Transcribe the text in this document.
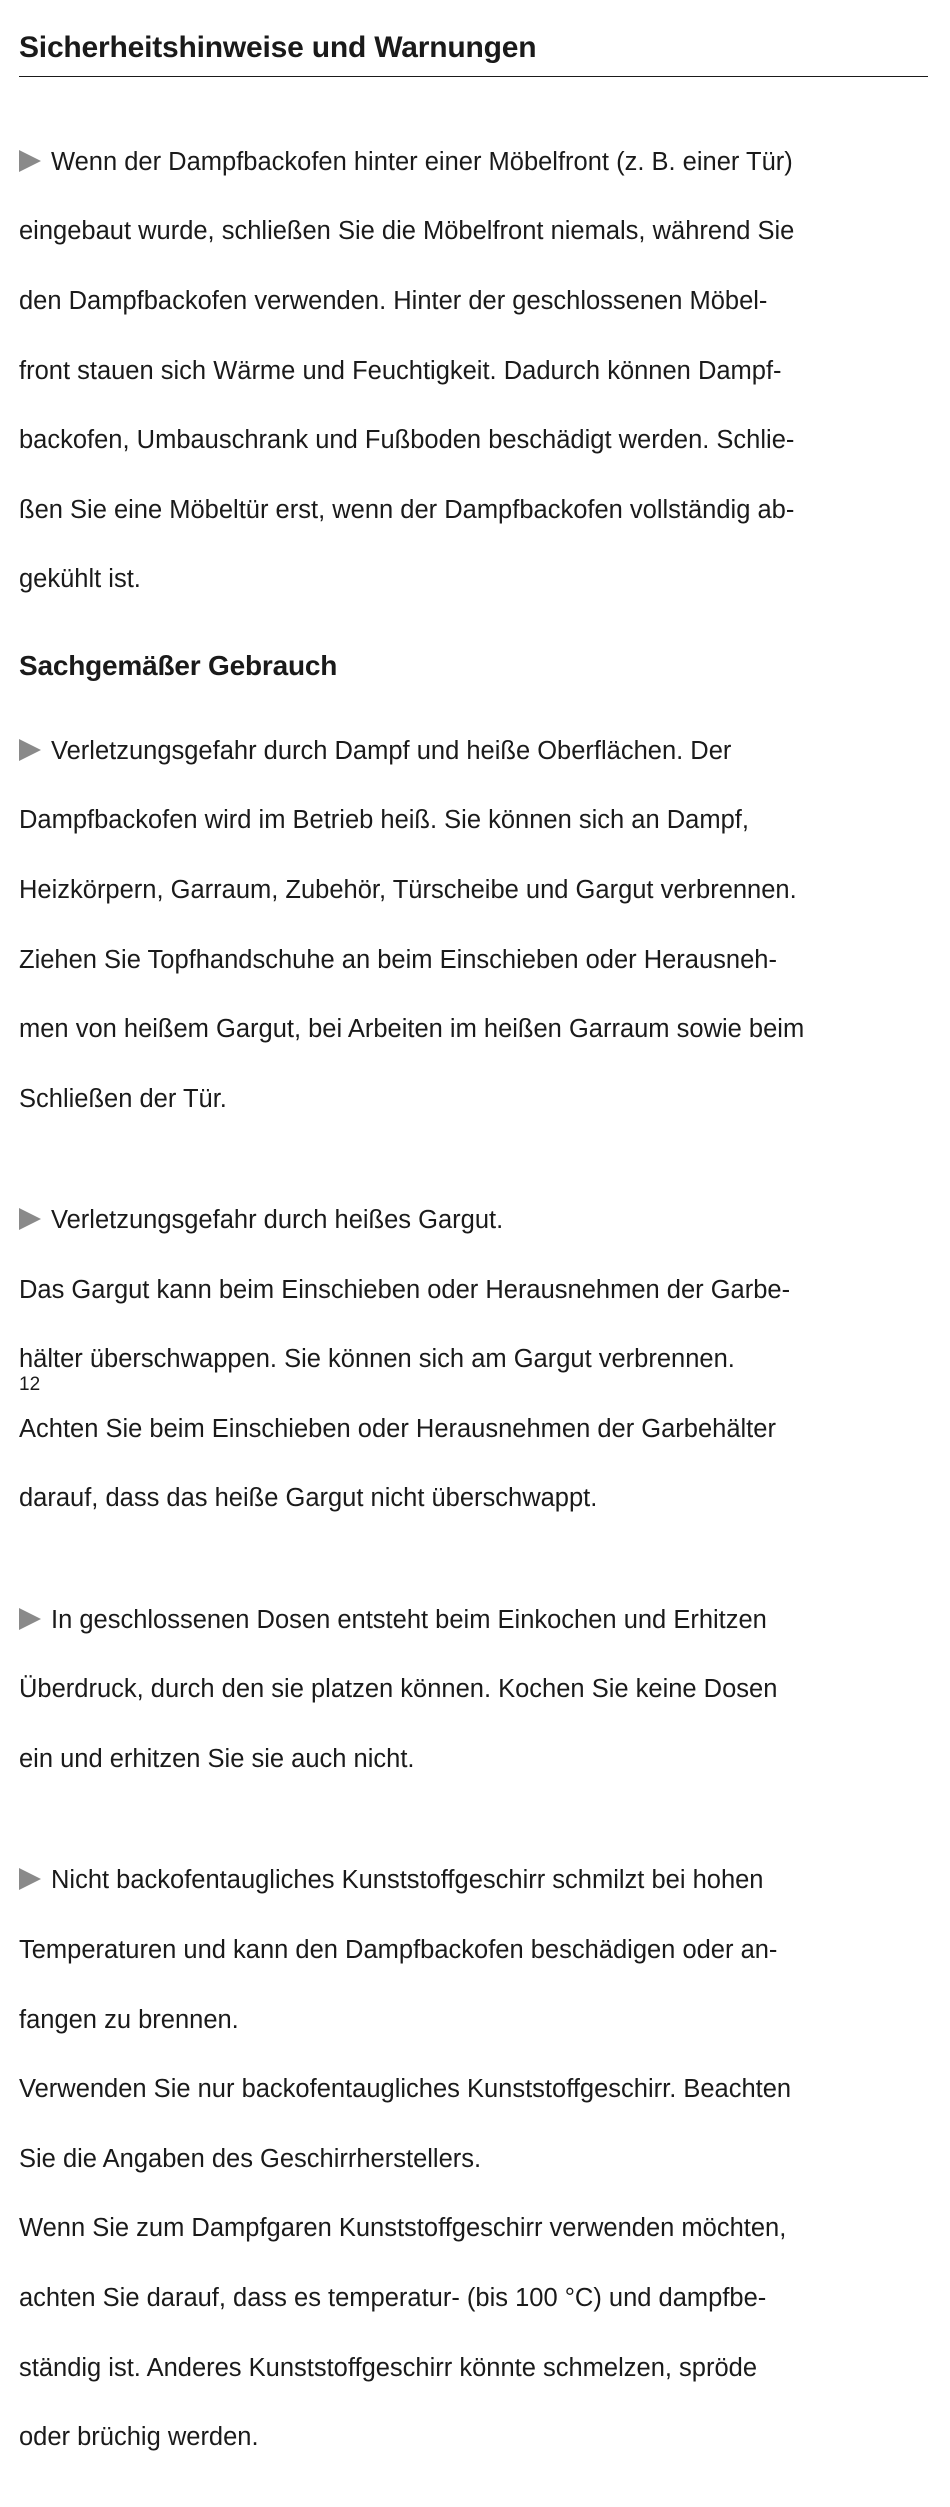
Sicherheitshinweise und Warnungen

Wenn der Dampfbackofen hinter einer Möbelfront (z. B. einer Tür)

eingebaut wurde, schließen Sie die Möbelfront niemals, während Sie

den Dampfbackofen verwenden. Hinter der geschlossenen Möbel-

front stauen sich Wärme und Feuchtigkeit. Dadurch können Dampf-

backofen, Umbauschrank und Fußboden beschädigt werden. Schlie-

ßen Sie eine Möbeltür erst, wenn der Dampfbackofen vollständig ab-

gekühlt ist.

Sachgemäßer Gebrauch

Verletzungsgefahr durch Dampf und heiße Oberflächen. Der

Dampfbackofen wird im Betrieb heiß. Sie können sich an Dampf,

Heizkörpern, Garraum, Zubehör, Türscheibe und Gargut verbrennen.

Ziehen Sie Topfhandschuhe an beim Einschieben oder Herausneh-

men von heißem Gargut, bei Arbeiten im heißen Garraum sowie beim

Schließen der Tür.

Verletzungsgefahr durch heißes Gargut.

Das Gargut kann beim Einschieben oder Herausnehmen der Garbe-

hälter überschwappen. Sie können sich am Gargut verbrennen.

Achten Sie beim Einschieben oder Herausnehmen der Garbehälter

darauf, dass das heiße Gargut nicht überschwappt.

In geschlossenen Dosen entsteht beim Einkochen und Erhitzen

Überdruck, durch den sie platzen können. Kochen Sie keine Dosen

ein und erhitzen Sie sie auch nicht.

Nicht backofentaugliches Kunststoffgeschirr schmilzt bei hohen

Temperaturen und kann den Dampfbackofen beschädigen oder an-

fangen zu brennen.

Verwenden Sie nur backofentaugliches Kunststoffgeschirr. Beachten

Sie die Angaben des Geschirrherstellers.

Wenn Sie zum Dampfgaren Kunststoffgeschirr verwenden möchten,

achten Sie darauf, dass es temperatur- (bis 100 °C) und dampfbe-

ständig ist. Anderes Kunststoffgeschirr könnte schmelzen, spröde

oder brüchig werden.

12
